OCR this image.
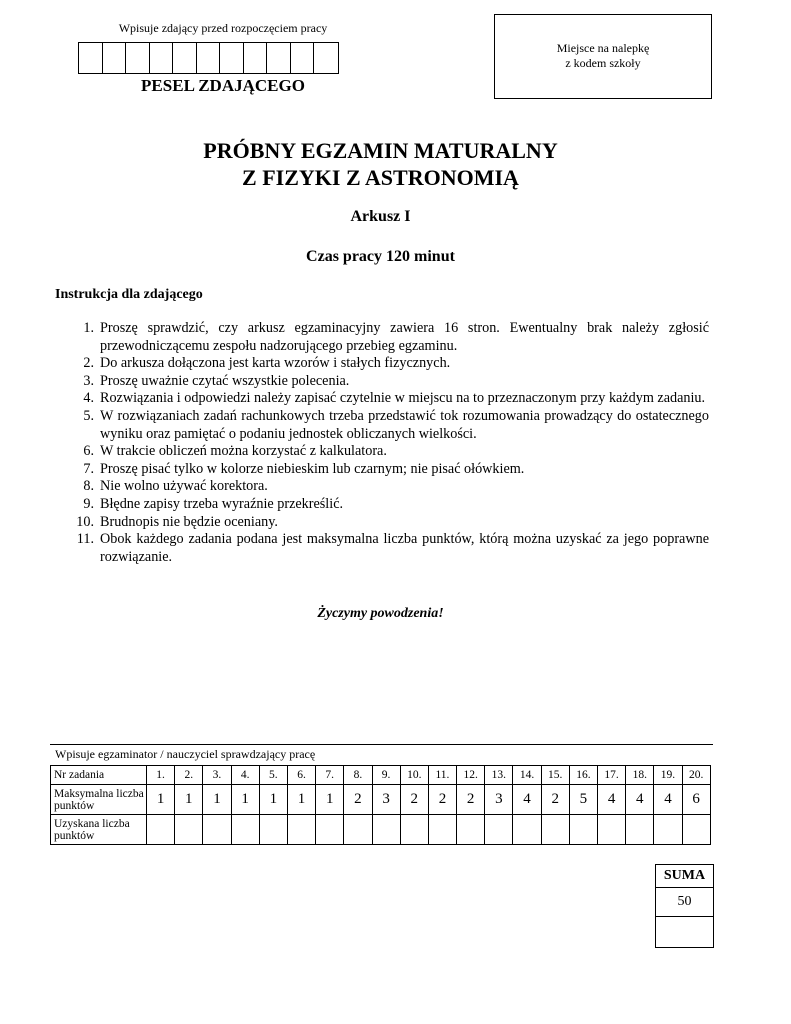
Wpisuje zdający przed rozpoczęciem pracy
PESEL ZDAJĄCEGO
Miejsce na nalepkę
z kodem szkoły
PRÓBNY EGZAMIN MATURALNY
Z FIZYKI Z ASTRONOMIĄ
Arkusz I
Czas pracy 120 minut
Instrukcja dla zdającego
1. Proszę sprawdzić, czy arkusz egzaminacyjny zawiera 16 stron. Ewentualny brak należy zgłosić przewodniczącemu zespołu nadzorującego przebieg egzaminu.
2. Do arkusza dołączona jest karta wzorów i stałych fizycznych.
3. Proszę uważnie czytać wszystkie polecenia.
4. Rozwiązania i odpowiedzi należy zapisać czytelnie w miejscu na to przeznaczonym przy każdym zadaniu.
5. W rozwiązaniach zadań rachunkowych trzeba przedstawić tok rozumowania prowadzący do ostatecznego wyniku oraz pamiętać o podaniu jednostek obliczanych wielkości.
6. W trakcie obliczeń można korzystać z kalkulatora.
7. Proszę pisać tylko w kolorze niebieskim lub czarnym; nie pisać ołówkiem.
8. Nie wolno używać korektora.
9. Błędne zapisy trzeba wyraźnie przekreślić.
10. Brudnopis nie będzie oceniany.
11. Obok każdego zadania podana jest maksymalna liczba punktów, którą można uzyskać za jego poprawne rozwiązanie.
Życzymy powodzenia!
Wpisuje egzaminator / nauczyciel sprawdzający pracę
Nr zadania	1.	2.	3.	4.	5.	6.	7.	8.	9.	10.	11.	12.	13.	14.	15.	16.	17.	18.	19.	20.
Maksymalna liczba punktów	1	1	1	1	1	1	1	2	3	2	2	2	3	4	2	5	4	4	4	6
Uzyskana liczba punktów																				
SUMA
50
